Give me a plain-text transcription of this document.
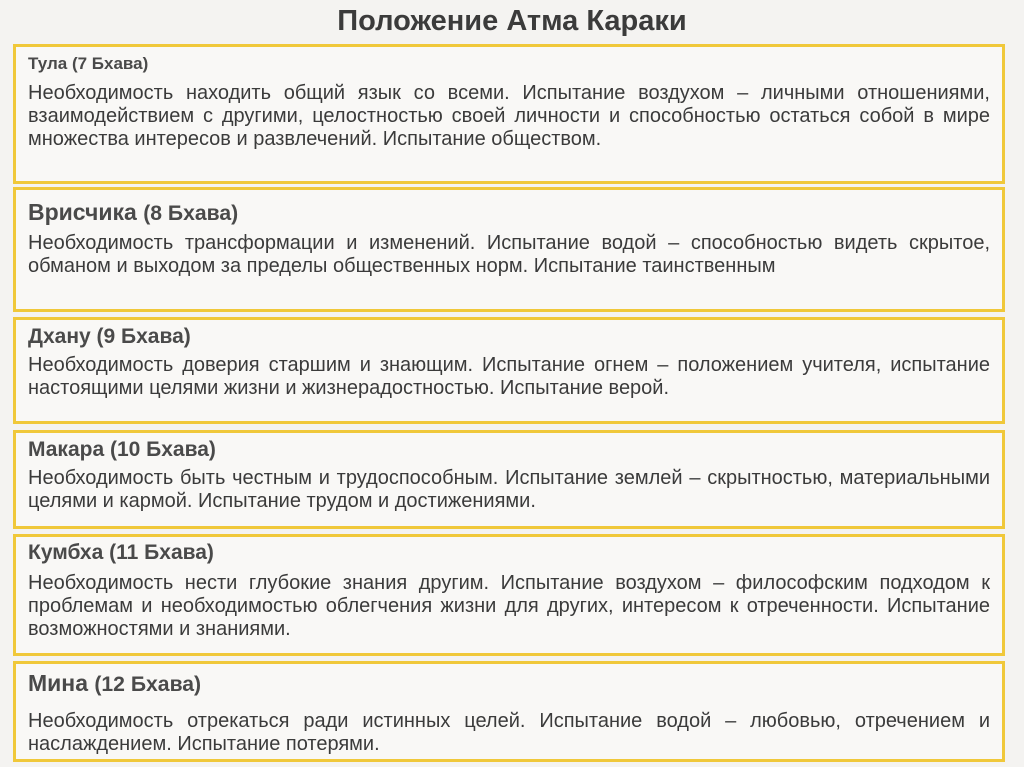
Положение Атма Караки
Тула (7 Бхава)
Необходимость находить общий язык со всеми. Испытание воздухом – личными отношениями, взаимодействием с другими, целостностью своей личности и способностью остаться собой в мире множества интересов и развлечений. Испытание обществом.
Врисчика (8 Бхава)
Необходимость трансформации и изменений. Испытание водой – способностью видеть скрытое, обманом и выходом за пределы общественных норм. Испытание таинственным
Дхану (9 Бхава)
Необходимость доверия старшим и знающим. Испытание огнем – положением учителя, испытание настоящими целями жизни и жизнерадостностью. Испытание верой.
Макара (10 Бхава)
Необходимость быть честным и трудоспособным. Испытание землей – скрытностью, материальными целями и кармой. Испытание трудом и достижениями.
Кумбха (11 Бхава)
Необходимость нести глубокие знания другим. Испытание воздухом – философским подходом к проблемам и необходимостью облегчения жизни для других, интересом к отреченности. Испытание возможностями и знаниями.
Мина (12 Бхава)
Необходимость отрекаться ради истинных целей. Испытание водой – любовью, отречением и наслаждением. Испытание потерями.
